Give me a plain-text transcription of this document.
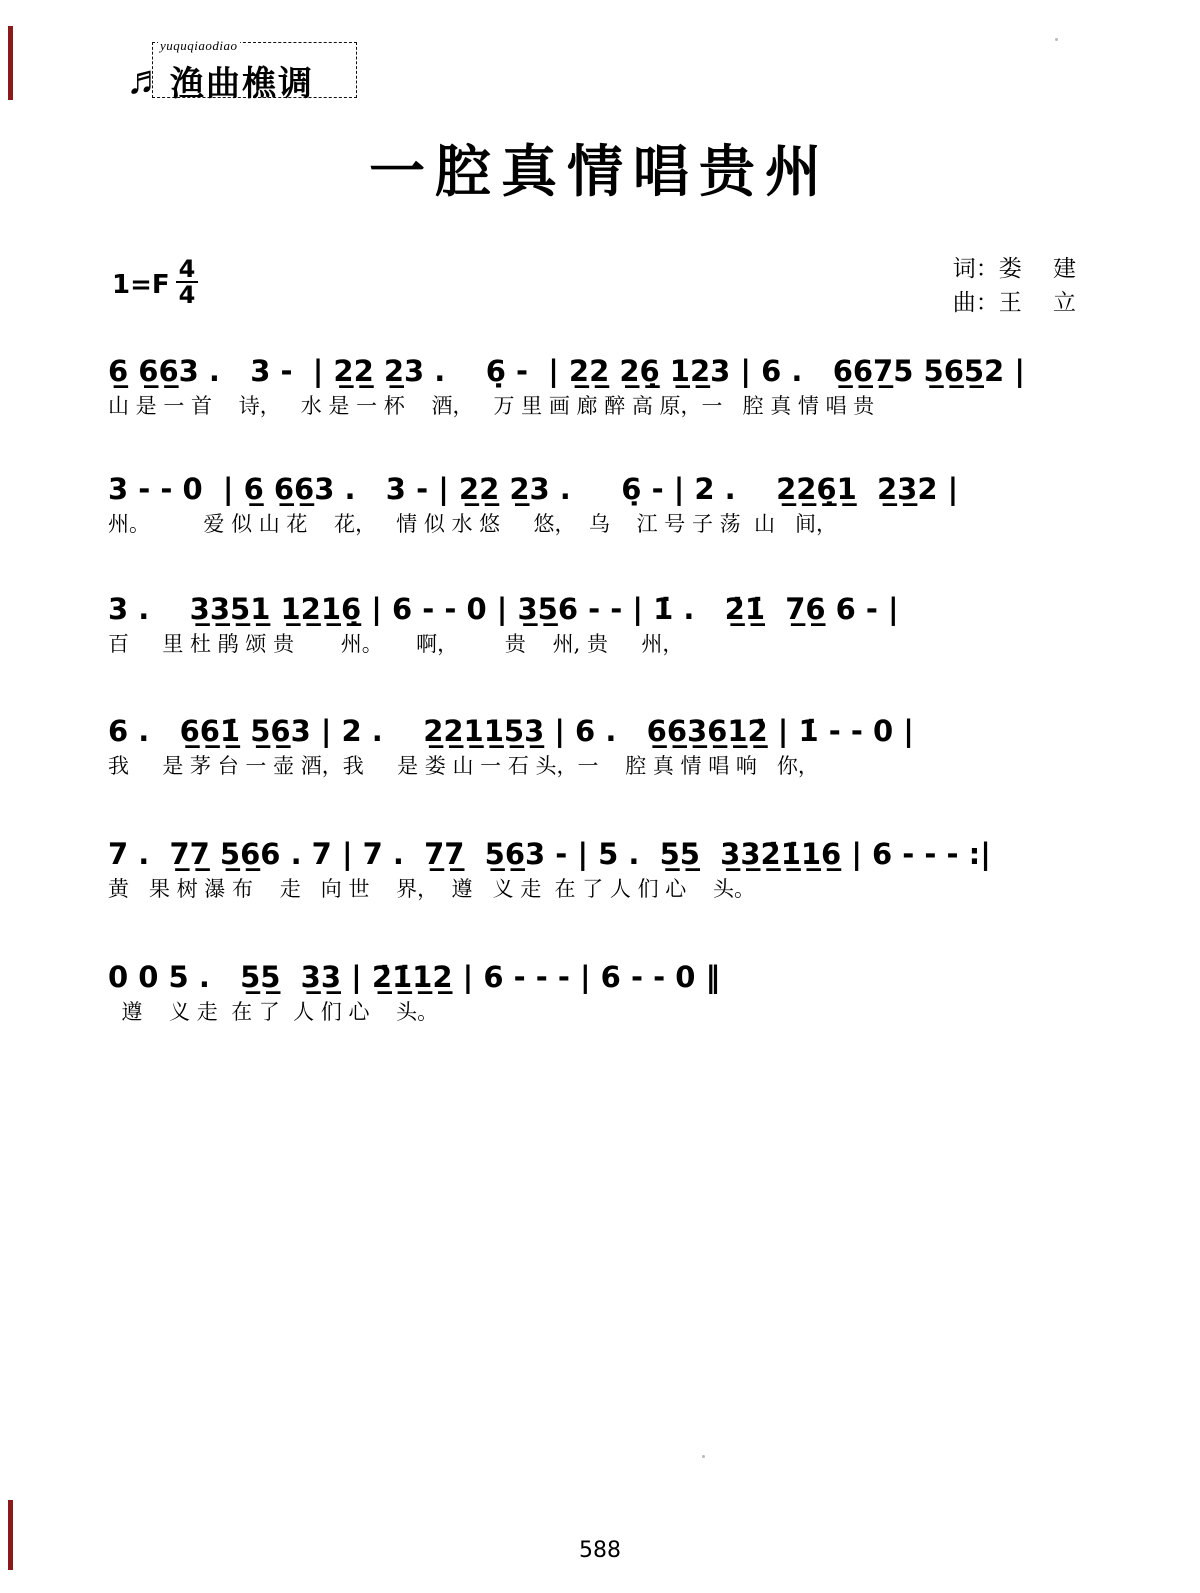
yuquqiaodiao
♬ 渔曲樵调
一腔真情唱贵州
1=F
4
4
词：娄 建
曲：王 立
6̲ 6̲6̲3 .   3 -  | 2̲2̲ 2̲3 .    6̣ -  | 2̲2̲ 2̲6̣̲ 1̲2̲3 | 6 .   6̲6̲7̲5 5̲6̲5̲2 |
山 是 一 首    诗，   水 是 一 杯    酒，   万 里 画 廊 醉 高 原，一   腔 真 情 唱 贵
3 - - 0  | 6̲ 6̲6̲3 .   3 - | 2̲2̲ 2̲3 .     6̣ - | 2 .    2̲2̲6̣̲1̲  2̲3̲2 |
州。        爱 似 山 花    花，   情 似 水 悠     悠，  乌    江 号 子 荡  山   间，
3 .    3̲3̲5̲1̲ 1̲2̲1̲6̣̲ | 6 - - 0 | 3̲5̲6 - - | 1̇ .   2̲̇1̲̇  7̲6̲ 6 - |
百     里 杜 鹃 颂 贵       州。     啊，       贵    州, 贵     州，
6 .   6̲6̲1̲̇ 5̲6̲3 | 2 .    2̲2̲1̲1̲5̲3̲ | 6 .   6̲6̲3̲6̲1̲2̲̇ | 1̇ - - 0 |
我     是 茅 台 一 壶 酒，我     是 娄 山 一 石 头，一    腔 真 情 唱 响   你，
7 .  7̲7̲ 5̲6̲6 . 7 | 7 .  7̲7̲  5̲6̲3 - | 5 .  5̲5̲  3̲3̲2̲̇1̲̇1̲6̲ | 6 - - - :|
黄   果 树 瀑 布    走   向 世    界，  遵   义 走  在 了 人 们 心    头。
0 0 5 .   5̲5̲  3̲3̲ | 2̲̇1̲̇1̲2̲ | 6 - - - | 6 - - 0 ‖
遵    义 走  在 了  人 们 心    头。
588
